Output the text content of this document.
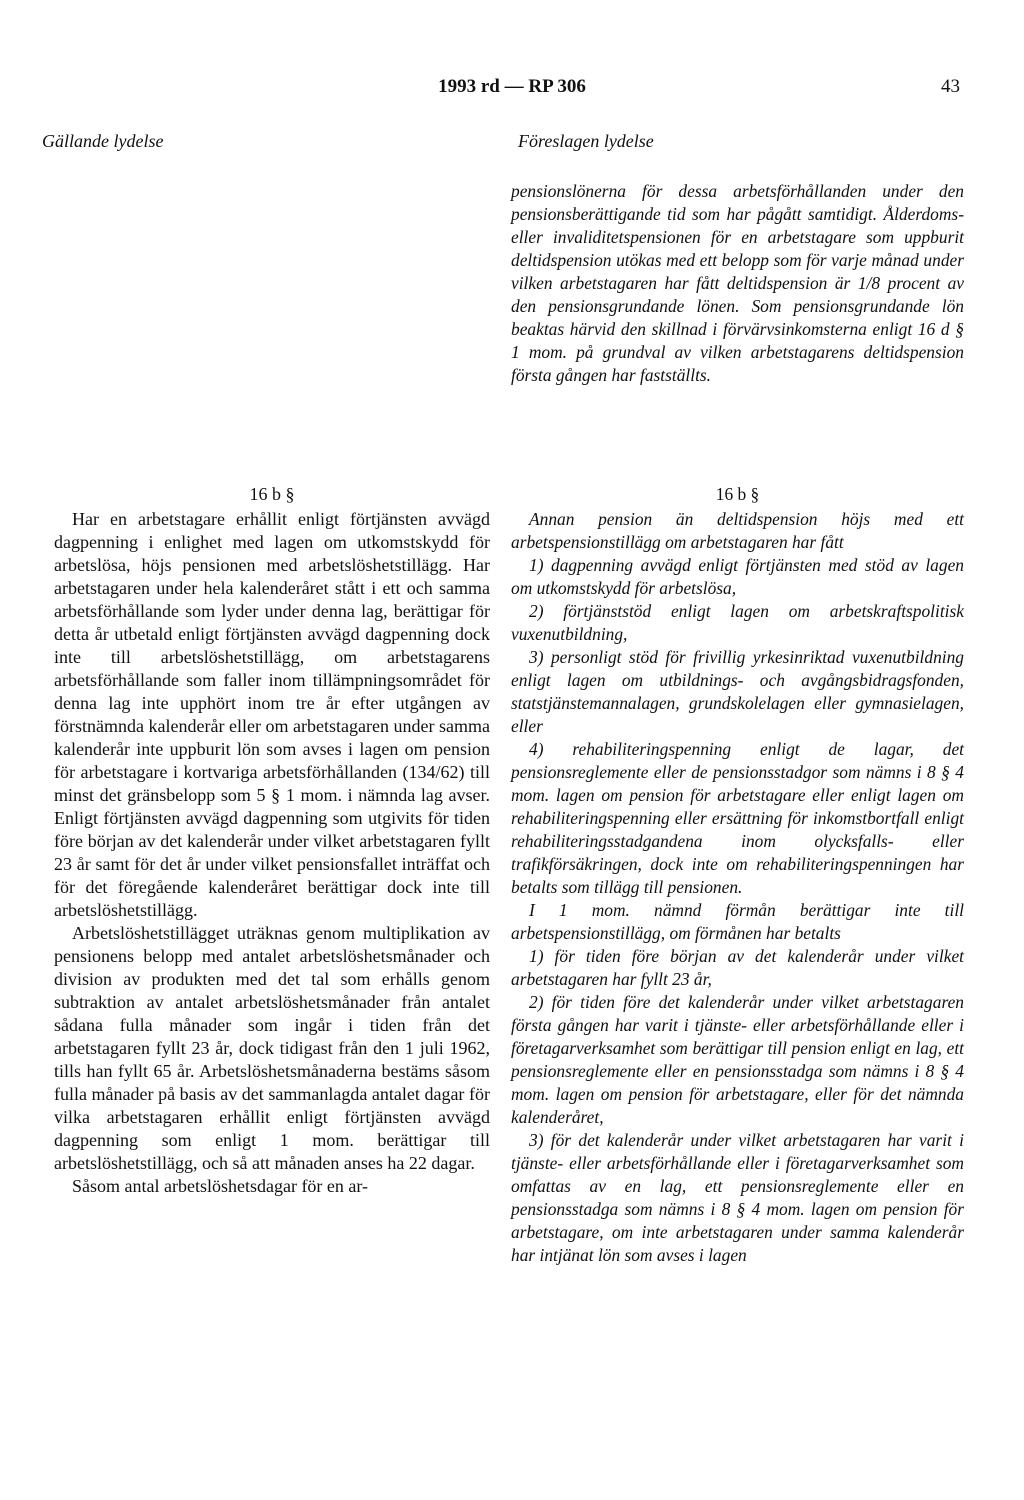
1993 rd — RP 306	43
Gällande lydelse	Föreslagen lydelse

pensionslönerna för dessa arbetsförhållanden under den pensionsberättigande tid som har pågått samtidigt. Ålderdoms- eller invaliditetspensionen för en arbetstagare som uppburit deltidspension utökas med ett belopp som för varje månad under vilken arbetstagaren har fått deltidspension är 1/8 procent av den pensionsgrundande lönen. Som pensionsgrundande lön beaktas härvid den skillnad i förvärvsinkomsterna enligt 16 d § 1 mom. på grundval av vilken arbetstagarens deltidspension första gången har fastställts.

16 b §

Har en arbetstagare erhållit enligt förtjänsten avvägd dagpenning i enlighet med lagen om utkomstskydd för arbetslösa, höjs pensionen med arbetslöshetstillägg. Har arbetstagaren under hela kalenderåret stått i ett och samma arbetsförhållande som lyder under denna lag, berättigar för detta år utbetald enligt förtjänsten avvägd dagpenning dock inte till arbetslöshetstillägg, om arbetstagarens arbetsförhållande som faller inom tillämpningsområdet för denna lag inte upphört inom tre år efter utgången av förstnämnda kalenderår eller om arbetstagaren under samma kalenderår inte uppburit lön som avses i lagen om pension för arbetstagare i kortvariga arbetsförhållanden (134/62) till minst det gränsbelopp som 5 § 1 mom. i nämnda lag avser. Enligt förtjänsten avvägd dagpenning som utgivits för tiden före början av det kalenderår under vilket arbetstagaren fyllt 23 år samt för det år under vilket pensionsfallet inträffat och för det föregående kalenderåret berättigar dock inte till arbetslöshetstillägg.

Arbetslöshetstillägget uträknas genom multiplikation av pensionens belopp med antalet arbetslöshetsmånader och division av produkten med det tal som erhålls genom subtraktion av antalet arbetslöshetsmånader från antalet sådana fulla månader som ingår i tiden från det arbetstagaren fyllt 23 år, dock tidigast från den 1 juli 1962, tills han fyllt 65 år. Arbetslöshetsmånaderna bestäms såsom fulla månader på basis av det sammanlagda antalet dagar för vilka arbetstagaren erhållit enligt förtjänsten avvägd dagpenning som enligt 1 mom. berättigar till arbetslöshetstillägg, och så att månaden anses ha 22 dagar.

Såsom antal arbetslöshetsdagar för en ar-

16 b §

Annan pension än deltidspension höjs med ett arbetspensionstillägg om arbetstagaren har fått

1) dagpenning avvägd enligt förtjänsten med stöd av lagen om utkomstskydd för arbetslösa,

2) förtjänststöd enligt lagen om arbetskraftspolitisk vuxenutbildning,

3) personligt stöd för frivillig yrkesinriktad vuxenutbildning enligt lagen om utbildnings- och avgångsbidragsfonden, statstjänstemannalagen, grundskolelagen eller gymnasielagen, eller

4) rehabiliteringspenning enligt de lagar, det pensionsreglemente eller de pensionsstadgor som nämns i 8 § 4 mom. lagen om pension för arbetstagare eller enligt lagen om rehabiliteringspenning eller ersättning för inkomstbortfall enligt rehabiliteringsstadgandena inom olycksfalls- eller trafikförsäkringen, dock inte om rehabiliteringspenningen har betalts som tillägg till pensionen.

I 1 mom. nämnd förmån berättigar inte till arbetspensionstillägg, om förmånen har betalts

1) för tiden före början av det kalenderår under vilket arbetstagaren har fyllt 23 år,

2) för tiden före det kalenderår under vilket arbetstagaren första gången har varit i tjänste- eller arbetsförhållande eller i företagarverksamhet som berättigar till pension enligt en lag, ett pensionsreglemente eller en pensionsstadga som nämns i 8 § 4 mom. lagen om pension för arbetstagare, eller för det nämnda kalenderåret,

3) för det kalenderår under vilket arbetstagaren har varit i tjänste- eller arbetsförhållande eller i företagarverksamhet som omfattas av en lag, ett pensionsreglemente eller en pensionsstadga som nämns i 8 § 4 mom. lagen om pension för arbetstagare, om inte arbetstagaren under samma kalenderår har intjänat lön som avses i lagen
